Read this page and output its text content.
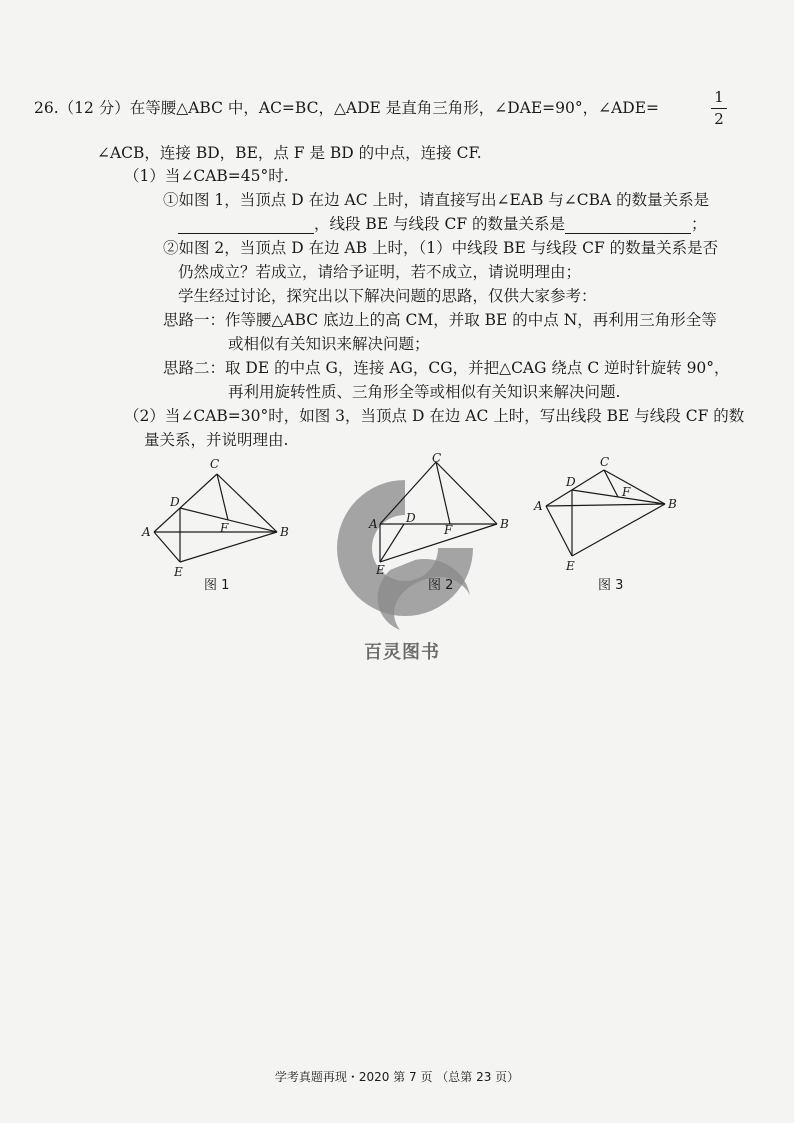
26.（12 分）在等腰△ABC 中，AC=BC，△ADE 是直角三角形，∠DAE=90°，∠ADE=
1
2
∠ACB，连接 BD，BE，点 F 是 BD 的中点，连接 CF.
（1）当∠CAB=45°时.
①如图 1，当顶点 D 在边 AC 上时，请直接写出∠EAB 与∠CBA 的数量关系是
，线段 BE 与线段 CF 的数量关系是	；
②如图 2，当顶点 D 在边 AB 上时，（1）中线段 BE 与线段 CF 的数量关系是否
仍然成立？若成立，请给予证明，若不成立，请说明理由；
学生经过讨论，探究出以下解决问题的思路，仅供大家参考：
思路一：作等腰△ABC 底边上的高 CM，并取 BE 的中点 N，再利用三角形全等
或相似有关知识来解决问题；
思路二：取 DE 的中点 G，连接 AG，CG，并把△CAG 绕点 C 逆时针旋转 90°，
再利用旋转性质、三角形全等或相似有关知识来解决问题.
（2）当∠CAB=30°时，如图 3，当顶点 D 在边 AC 上时，写出线段 BE 与线段 CF 的数
量关系，并说明理由.
百灵图书
C
D
A	B
F
E
图 1
C
A D
F	B
E
图 2
C
D
F
A	B
E
图 3
学考真题再现・2020 第 7 页 （总第 23 页）
